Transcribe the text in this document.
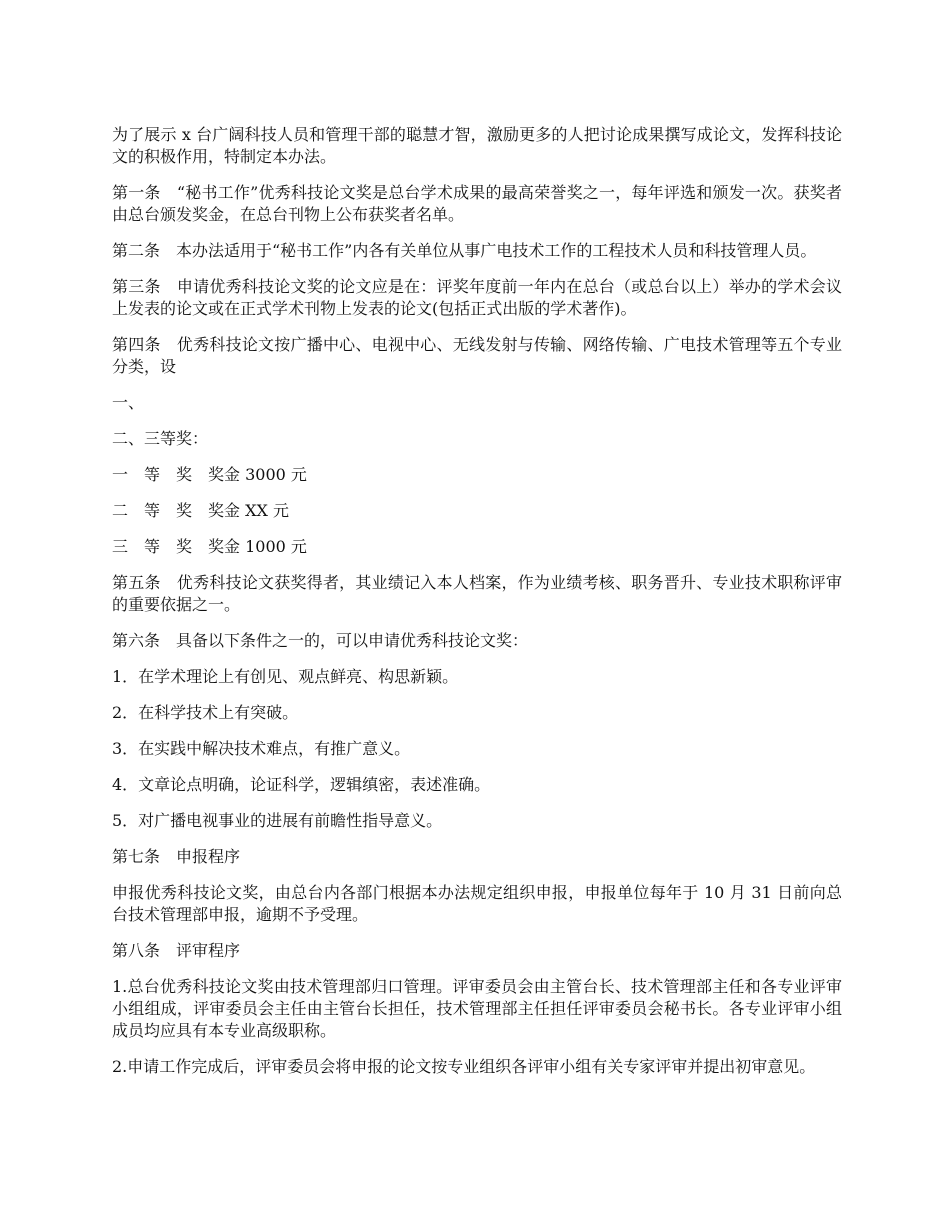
为了展示 x 台广阔科技人员和管理干部的聪慧才智，激励更多的人把讨论成果撰写成论文，发挥科技论文的积极作用，特制定本办法。

第一条　“秘书工作”优秀科技论文奖是总台学术成果的最高荣誉奖之一，每年评选和颁发一次。获奖者由总台颁发奖金，在总台刊物上公布获奖者名单。

第二条　本办法适用于“秘书工作”内各有关单位从事广电技术工作的工程技术人员和科技管理人员。

第三条　申请优秀科技论文奖的论文应是在：评奖年度前一年内在总台（或总台以上）举办的学术会议上发表的论文或在正式学术刊物上发表的论文(包括正式出版的学术著作)。

第四条　优秀科技论文按广播中心、电视中心、无线发射与传输、网络传输、广电技术管理等五个专业分类，设

一、

二、三等奖：

一　等　奖　奖金 3000 元

二　等　奖　奖金 XX 元

三　等　奖　奖金 1000 元

第五条　优秀科技论文获奖得者，其业绩记入本人档案，作为业绩考核、职务晋升、专业技术职称评审的重要依据之一。

第六条　具备以下条件之一的，可以申请优秀科技论文奖：

1．在学术理论上有创见、观点鲜亮、构思新颖。

2．在科学技术上有突破。

3．在实践中解决技术难点，有推广意义。

4．文章论点明确，论证科学，逻辑缜密，表述准确。

5．对广播电视事业的进展有前瞻性指导意义。

第七条　申报程序

申报优秀科技论文奖，由总台内各部门根据本办法规定组织申报，申报单位每年于 10 月 31 日前向总台技术管理部申报，逾期不予受理。

第八条　评审程序

1.总台优秀科技论文奖由技术管理部归口管理。评审委员会由主管台长、技术管理部主任和各专业评审小组组成，评审委员会主任由主管台长担任，技术管理部主任担任评审委员会秘书长。各专业评审小组成员均应具有本专业高级职称。

2.申请工作完成后，评审委员会将申报的论文按专业组织各评审小组有关专家评审并提出初审意见。
